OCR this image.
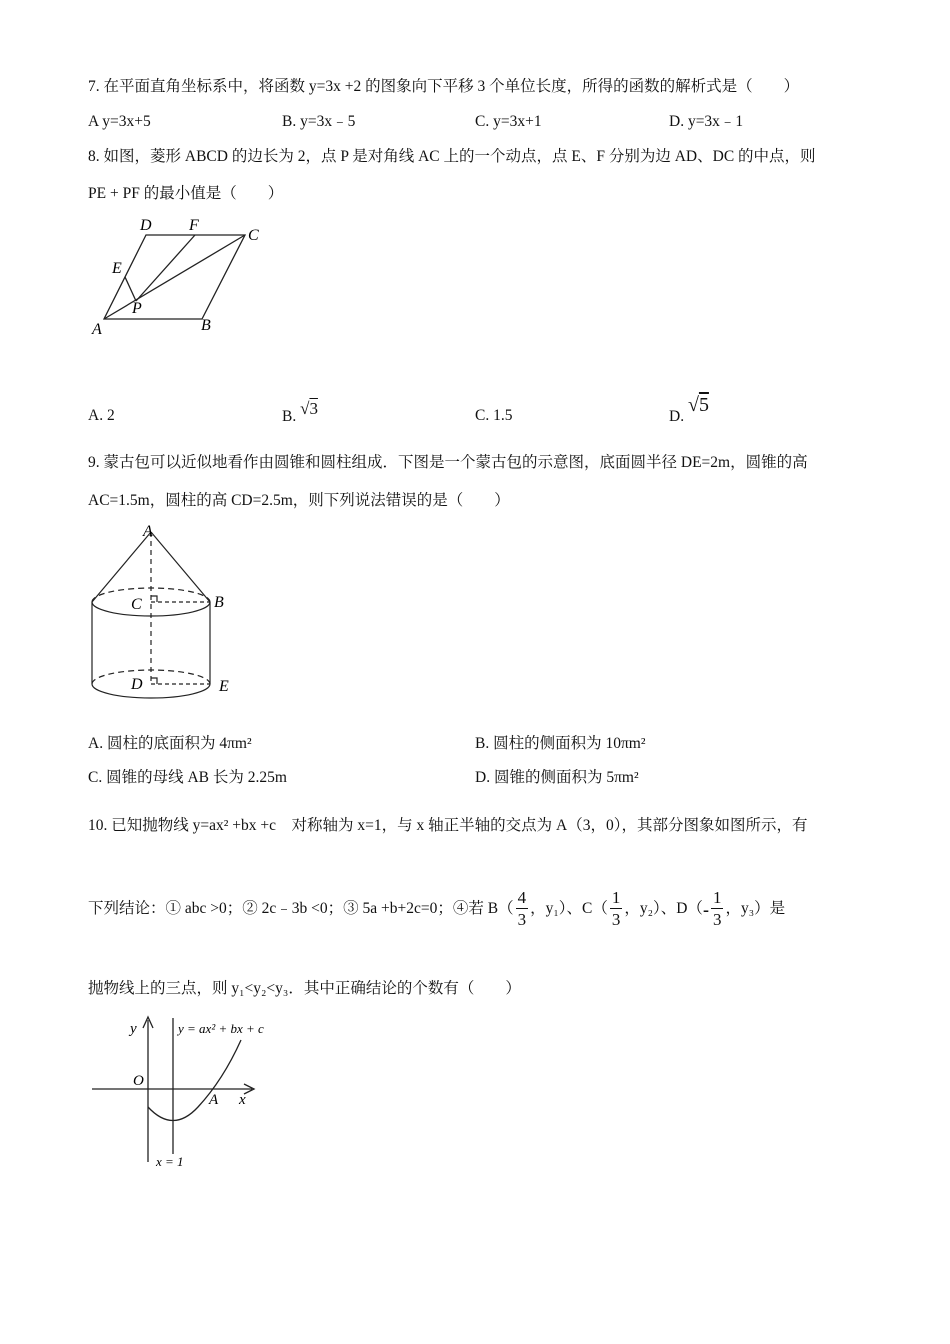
7. 在平面直角坐标系中，将函数 y=3x +2 的图象向下平移 3 个单位长度，所得的函数的解析式是（　　）
A y=3x+5	B. y=3x﹣5	C. y=3x+1	D. y=3x﹣1
8. 如图，菱形 ABCD 的边长为 2，点 P 是对角线 AC 上的一个动点，点 E、F 分别为边 AD、DC 的中点，则
PE + PF 的最小值是（　　）
D F
C
E
P
A	B
A. 2	B. √3	C. 1.5	D. √5
9. 蒙古包可以近似地看作由圆锥和圆柱组成．下图是一个蒙古包的示意图，底面圆半径 DE=2m，圆锥的高
AC=1.5m，圆柱的高 CD=2.5m，则下列说法错误的是（　　）
A
C	B
D	E
A. 圆柱的底面积为 4πm²	B. 圆柱的侧面积为 10πm²
C. 圆锥的母线 AB 长为 2.25m	D. 圆锥的侧面积为 5πm²
10. 已知抛物线 y=ax² +bx +c　对称轴为 x=1，与 x 轴正半轴的交点为 A（3，0），其部分图象如图所示，有
下列结论：① abc >0；② 2c﹣3b <0；③ 5a +b+2c=0；④若 $B( \frac{4}{3}$ ，y₁）、$C( \frac{1}{3}$ ，y₂）、$D(- \frac{1}{3}$ ，y₃）是
抛物线上的三点，则 y₁<y₂<y₃．其中正确结论的个数有（　　）
y	y = ax² + bx + c
O
A x
x = 1
